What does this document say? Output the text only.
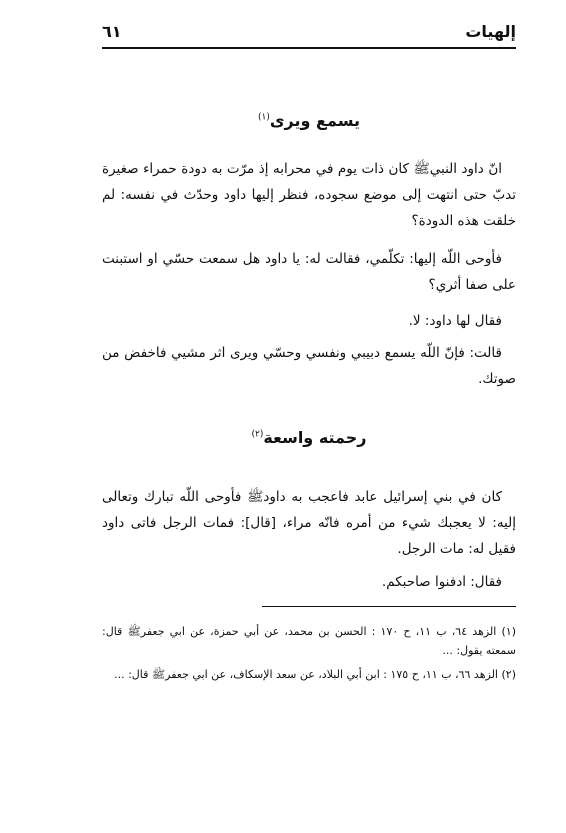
إلهيات
٦١
يسمع ويرى$^{(١)}$

انّ داود النبيﷺ كان ذات يوم في محرابه إذ مرّت به دودة حمراء صغيرة تدبّ حتى انتهت إلى موضع سجوده، فنظر إليها داود وحدّث في نفسه: لم خلقت هذه الدودة؟

فأوحى اللّه إليها: تكلّمي، فقالت له: يا داود هل سمعت حسّي او استبنت على صفا أثري؟

فقال لها داود: لا.

قالت: فإنّ اللّه يسمع دبيبي ونفسي وحسّي ويرى اثر مشيي فاخفض من صوتك.

رحمته واسعة$^{(٢)}$

كان في بني إسرائيل عابد فاعجب به داودﷺ فأوحى اللّه تبارك وتعالى إليه: لا يعجبك شيء من أمره فانّه مراء، [قال]: فمات الرجل فاتى داود فقيل له: مات الرجل.

فقال: ادفنوا صاحبكم.

(١) الزهد ٦٤، ب ١١، ح ١٧٠ : الحسن بن محمد، عن أبي حمزة، عن ابي جعفرﷺ قال: سمعته يقول: ...

(٢) الزهد ٦٦، ب ١١، ح ١٧٥ : ابن أبي البلاد، عن سعد الإسكاف، عن ابي جعفرﷺ قال: ...
